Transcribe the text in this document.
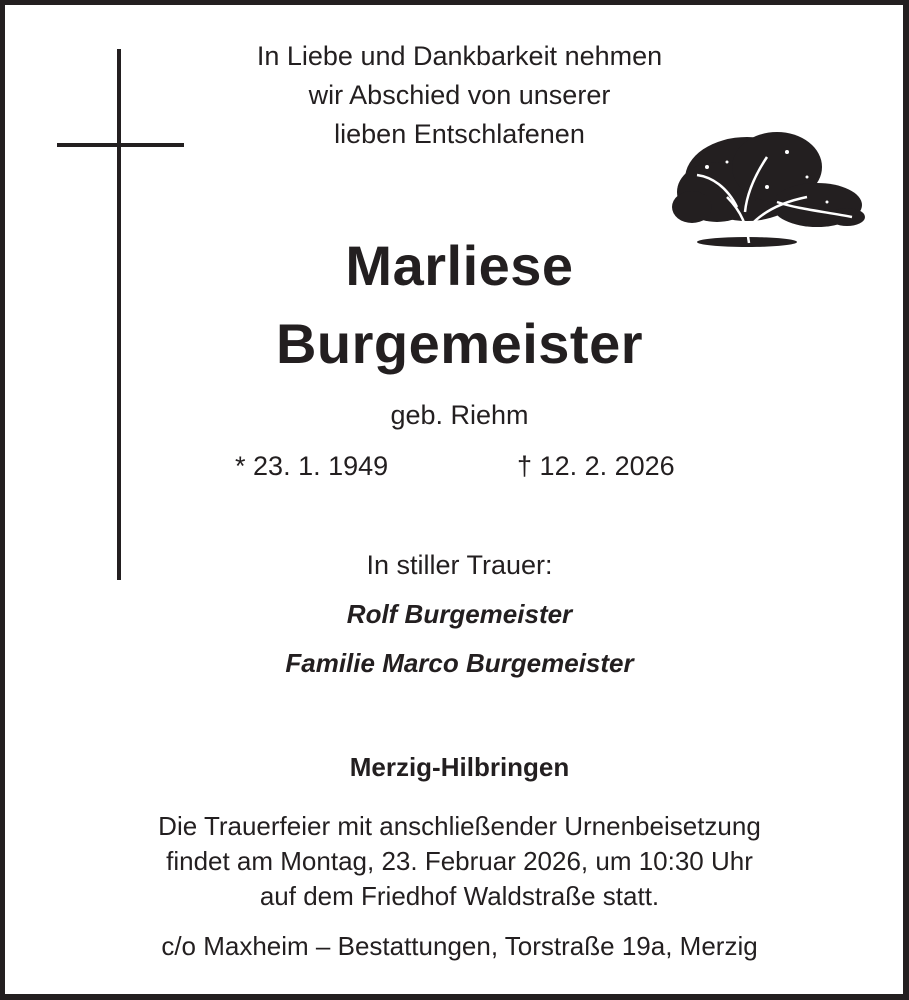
In Liebe und Dankbarkeit nehmen
wir Abschied von unserer
lieben Entschlafenen
Marliese
Burgemeister
geb. Riehm
* 23. 1. 1949	† 12. 2. 2026
In stiller Trauer:
Rolf Burgemeister
Familie Marco Burgemeister
Merzig-Hilbringen
Die Trauerfeier mit anschließender Urnenbeisetzung
findet am Montag, 23. Februar 2026, um 10:30 Uhr
auf dem Friedhof Waldstraße statt.
c/o Maxheim – Bestattungen, Torstraße 19a, Merzig
